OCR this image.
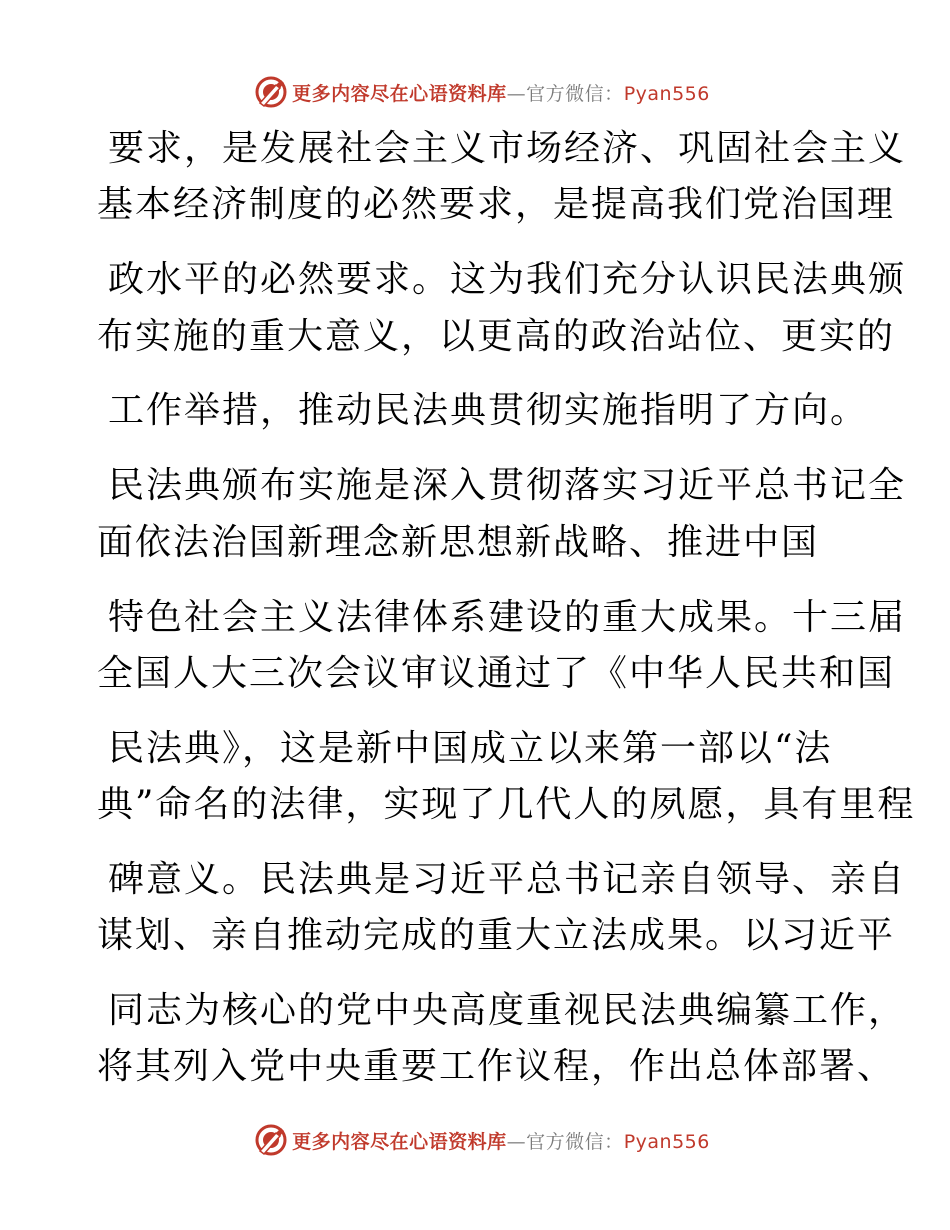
更多内容尽在心语资料库—官方微信：Pyan556
要求，是发展社会主义市场经济、巩固社会主义
基本经济制度的必然要求，是提高我们党治国理
政水平的必然要求。这为我们充分认识民法典颁
布实施的重大意义，以更高的政治站位、更实的
工作举措，推动民法典贯彻实施指明了方向。
民法典颁布实施是深入贯彻落实习近平总书记全
面依法治国新理念新思想新战略、推进中国
特色社会主义法律体系建设的重大成果。十三届
全国人大三次会议审议通过了《中华人民共和国
民法典》，这是新中国成立以来第一部以“法
典”命名的法律，实现了几代人的夙愿，具有里程
碑意义。民法典是习近平总书记亲自领导、亲自
谋划、亲自推动完成的重大立法成果。以习近平
同志为核心的党中央高度重视民法典编纂工作，
将其列入党中央重要工作议程，作出总体部署、
更多内容尽在心语资料库—官方微信：Pyan556
